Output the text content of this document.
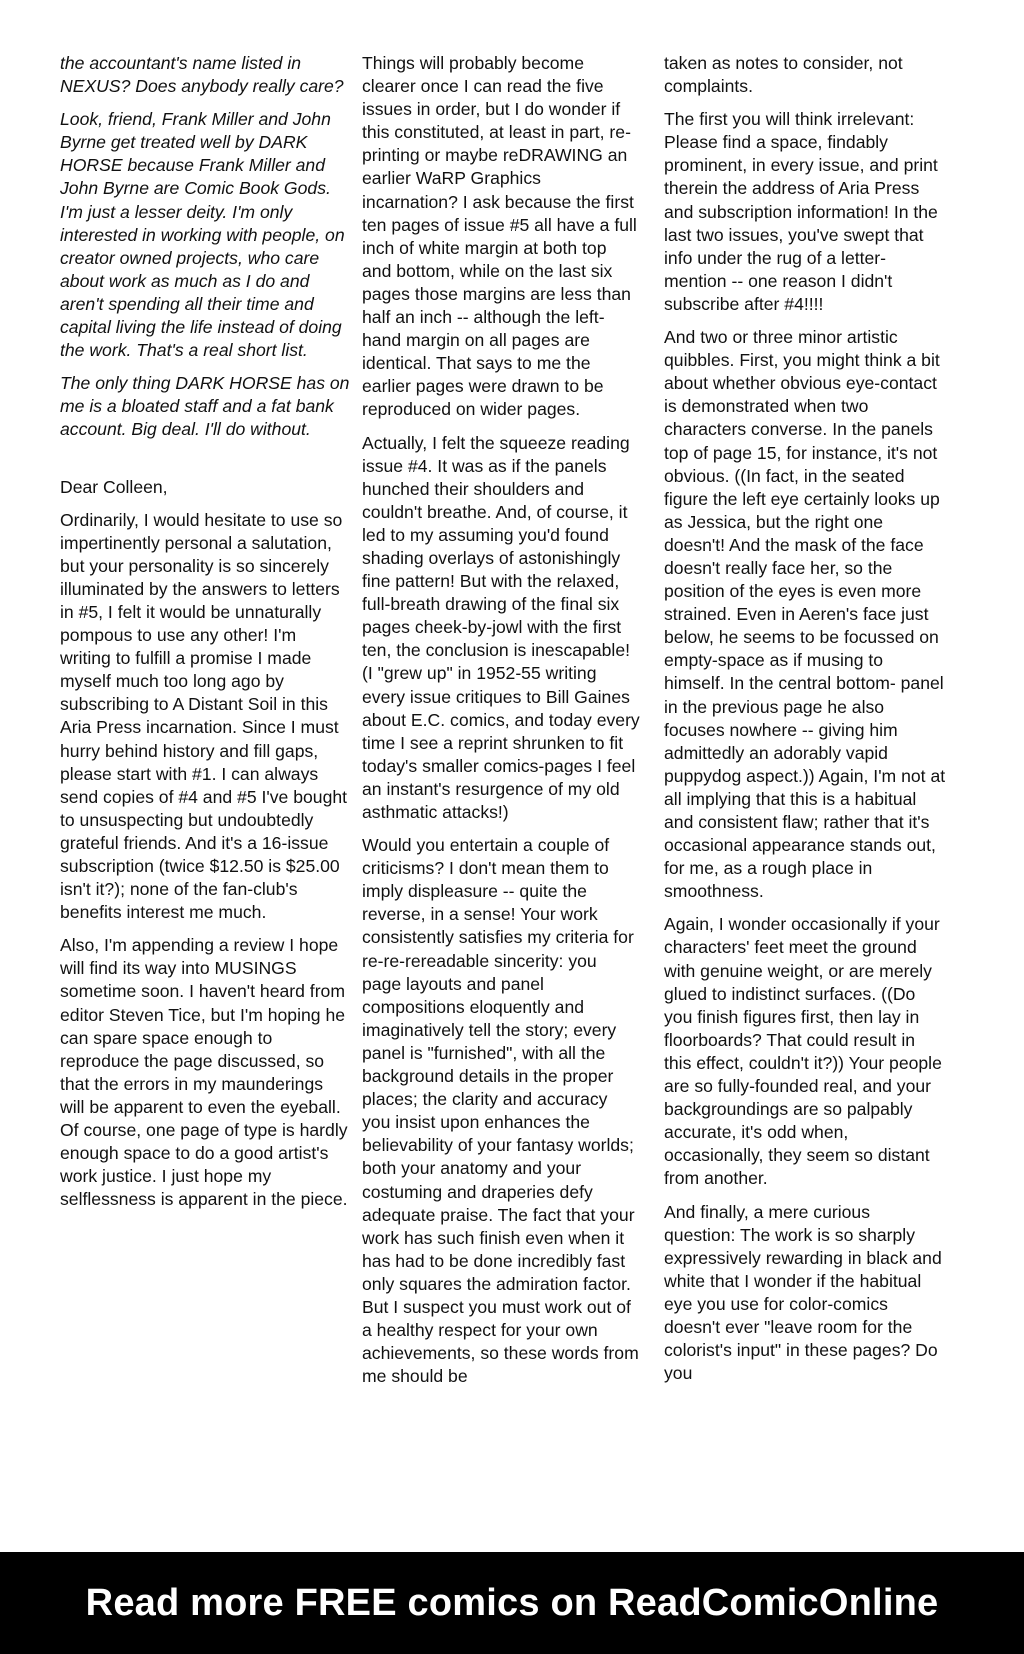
the accountant's name listed in NEXUS? Does anybody really care?

Look, friend, Frank Miller and John Byrne get treated well by DARK HORSE because Frank Miller and John Byrne are Comic Book Gods. I'm just a lesser deity. I'm only interested in working with people, on creator owned projects, who care about work as much as I do and aren't spending all their time and capital living the life instead of doing the work. That's a real short list.

The only thing DARK HORSE has on me is a bloated staff and a fat bank account. Big deal. I'll do without.

Dear Colleen,

Ordinarily, I would hesitate to use so impertinently personal a salutation, but your personality is so sincerely illuminated by the answers to letters in #5, I felt it would be unnaturally pompous to use any other! I'm writing to fulfill a promise I made myself much too long ago by subscribing to A Distant Soil in this Aria Press incarnation. Since I must hurry behind history and fill gaps, please start with #1. I can always send copies of #4 and #5 I've bought to unsuspecting but undoubtedly grateful friends. And it's a 16-issue subscription (twice $12.50 is $25.00 isn't it?); none of the fan-club's benefits interest me much.

Also, I'm appending a review I hope will find its way into MUSINGS sometime soon. I haven't heard from editor Steven Tice, but I'm hoping he can spare space enough to reproduce the page discussed, so that the errors in my maunderings will be apparent to even the eyeball. Of course, one page of type is hardly enough space to do a good artist's work justice. I just hope my selflessness is apparent in the piece.

Things will probably become clearer once I can read the five issues in order, but I do wonder if this constituted, at least in part, re-printing or maybe reDRAWING an earlier WaRP Graphics incarnation? I ask because the first ten pages of issue #5 all have a full inch of white margin at both top and bottom, while on the last six pages those margins are less than half an inch -- although the left-hand margin on all pages are identical. That says to me the earlier pages were drawn to be reproduced on wider pages.

Actually, I felt the squeeze reading issue #4. It was as if the panels hunched their shoulders and couldn't breathe. And, of course, it led to my assuming you'd found shading overlays of astonishingly fine pattern! But with the relaxed, full-breath drawing of the final six pages cheek-by-jowl with the first ten, the conclusion is inescapable! (I "grew up" in 1952-55 writing every issue critiques to Bill Gaines about E.C. comics, and today every time I see a reprint shrunken to fit today's smaller comics-pages I feel an instant's resurgence of my old asthmatic attacks!)

Would you entertain a couple of criticisms? I don't mean them to imply displeasure -- quite the reverse, in a sense! Your work consistently satisfies my criteria for re-re-rereadable sincerity: you page layouts and panel compositions eloquently and imaginatively tell the story; every panel is "furnished", with all the background details in the proper places; the clarity and accuracy you insist upon enhances the believability of your fantasy worlds; both your anatomy and your costuming and draperies defy adequate praise. The fact that your work has such finish even when it has had to be done incredibly fast only squares the admiration factor. But I suspect you must work out of a healthy respect for your own achievements, so these words from me should be

taken as notes to consider, not complaints.

The first you will think irrelevant: Please find a space, findably prominent, in every issue, and print therein the address of Aria Press and subscription information! In the last two issues, you've swept that info under the rug of a letter-mention -- one reason I didn't subscribe after #4!!!!

And two or three minor artistic quibbles. First, you might think a bit about whether obvious eye-contact is demonstrated when two characters converse. In the panels top of page 15, for instance, it's not obvious. ((In fact, in the seated figure the left eye certainly looks up as Jessica, but the right one doesn't! And the mask of the face doesn't really face her, so the position of the eyes is even more strained. Even in Aeren's face just below, he seems to be focussed on empty-space as if musing to himself. In the central bottom- panel in the previous page he also focuses nowhere -- giving him admittedly an adorably vapid puppydog aspect.)) Again, I'm not at all implying that this is a habitual and consistent flaw; rather that it's occasional appearance stands out, for me, as a rough place in smoothness.

Again, I wonder occasionally if your characters' feet meet the ground with genuine weight, or are merely glued to indistinct surfaces. ((Do you finish figures first, then lay in floorboards? That could result in this effect, couldn't it?)) Your people are so fully-founded real, and your backgroundings are so palpably accurate, it's odd when, occasionally, they seem so distant from another.

And finally, a mere curious question: The work is so sharply expressively rewarding in black and white that I wonder if the habitual eye you use for color-comics doesn't ever "leave room for the colorist's input" in these pages? Do you

Read more FREE comics on ReadComicOnline
